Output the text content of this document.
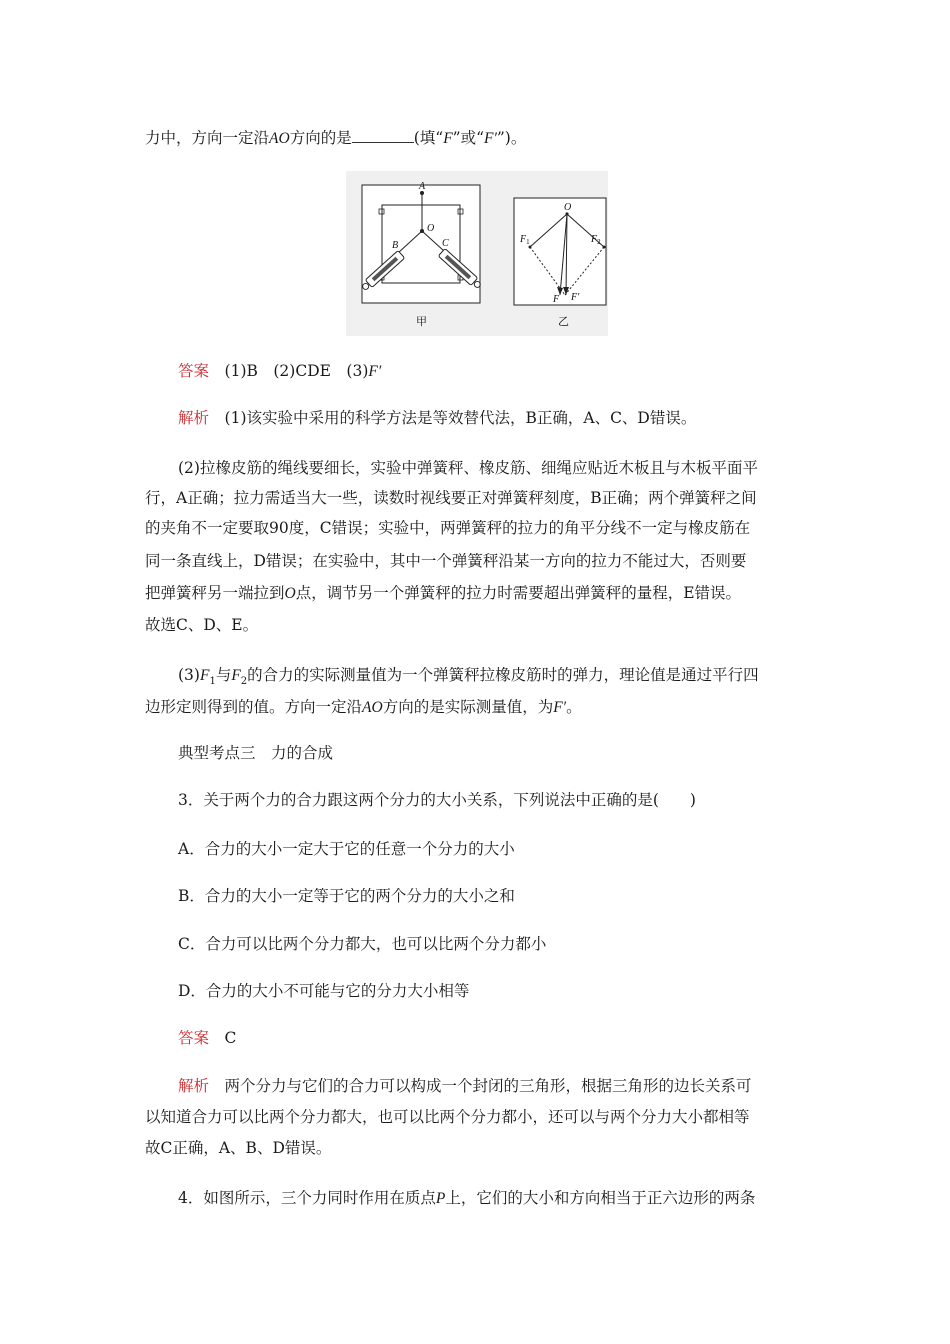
力中，方向一定沿AO方向的是	(填“F”或“F′”)。
A
O
B	C
甲
O
$F_1$	$F_2$
F F′
乙
答案　 (1)B　(2)CDE　(3)F′
解析　 (1)该实验中采用的科学方法是等效替代法，B正确，A、C、D错误。
(2)拉橡皮筋的绳线要细长，实验中弹簧秤、橡皮筋、细绳应贴近木板且与木板平面平
行，A正确；拉力需适当大一些，读数时视线要正对弹簧秤刻度，B正确；两个弹簧秤之间
的夹角不一定要取90度，C错误；实验中，两弹簧秤的拉力的角平分线不一定与橡皮筋在
同一条直线上，D错误；在实验中，其中一个弹簧秤沿某一方向的拉力不能过大，否则要
把弹簧秤另一端拉到O点，调节另一个弹簧秤的拉力时需要超出弹簧秤的量程，E错误。
故选C、D、E。
$(3)F_1$与$F_2$的合力的实际测量值为一个弹簧秤拉橡皮筋时的弹力，理论值是通过平行四
边形定则得到的值。方向一定沿AO方向的是实际测量值，为F′。
典型考点三　力的合成
3．关于两个力的合力跟这两个分力的大小关系，下列说法中正确的是(　　)
A．合力的大小一定大于它的任意一个分力的大小
B．合力的大小一定等于它的两个分力的大小之和
C．合力可以比两个分力都大，也可以比两个分力都小
D．合力的大小不可能与它的分力大小相等
答案　 C
解析　 两个分力与它们的合力可以构成一个封闭的三角形，根据三角形的边长关系可
以知道合力可以比两个分力都大，也可以比两个分力都小，还可以与两个分力大小都相等
故C正确，A、B、D错误。
4．如图所示，三个力同时作用在质点P上，它们的大小和方向相当于正六边形的两条
